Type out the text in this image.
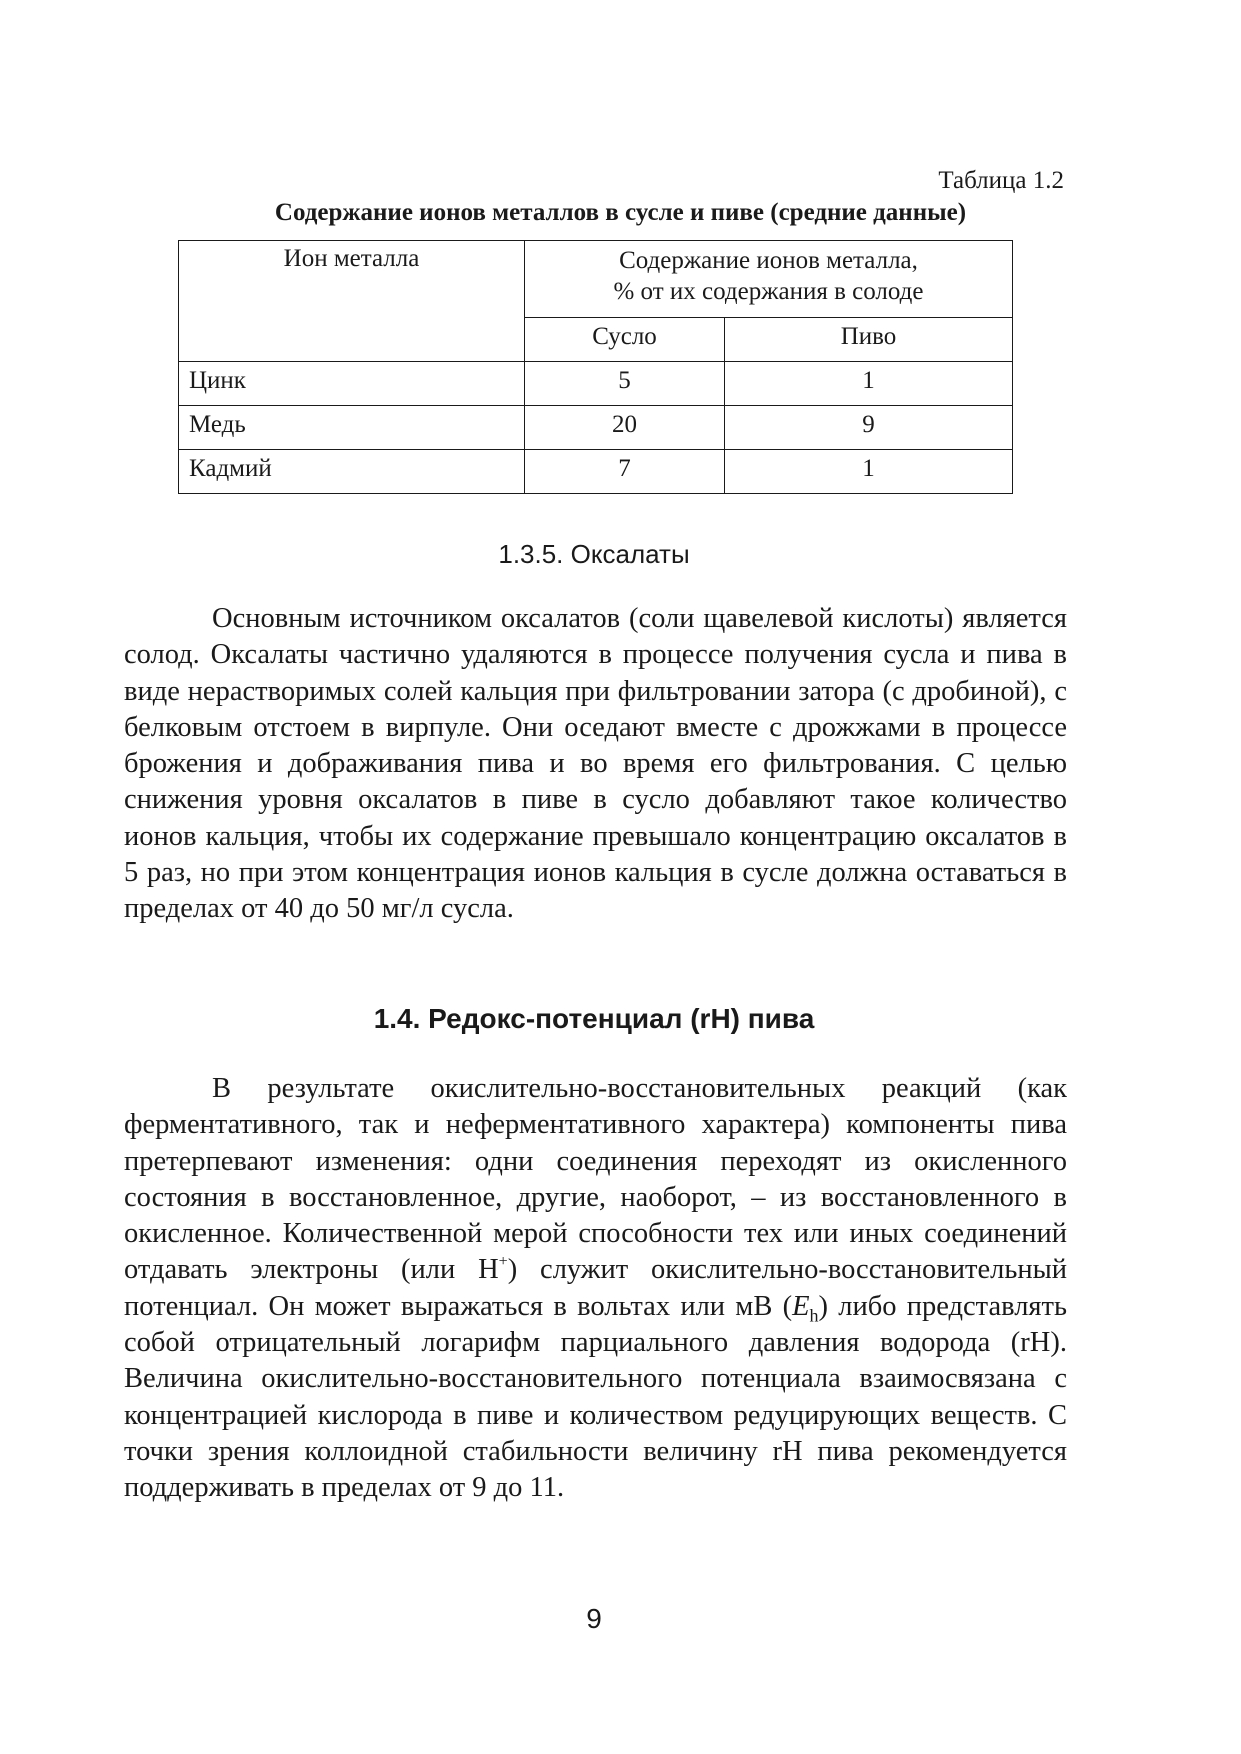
Таблица 1.2
Содержание ионов металлов в сусле и пиве (средние данные)
Ион металла	Содержание ионов металла,
% от их содержания в солоде	

	Сусло	Пиво
Цинк	5	1
Медь	20	9
Кадмий	7	1
1.3.5. Оксалаты

Основным источником оксалатов (соли щавелевой кислоты) является солод. Оксалаты частично удаляются в процессе получения сусла и пива в виде нерастворимых солей кальция при фильтровании затора (с дробиной), с белковым отстоем в вирпуле. Они оседают вместе с дрожжами в процессе брожения и дображивания пива и во время его фильтрования. С целью снижения уровня оксалатов в пиве в сусло добавляют такое количество ионов кальция, чтобы их содержание превышало концентрацию оксалатов в 5 раз, но при этом концентрация ионов кальция в сусле должна оставаться в пределах от 40 до 50 мг/л сусла.

1.4. Редокс-потенциал (rH) пива

В результате окислительно-восстановительных реакций (как ферментативного, так и неферментативного характера) компоненты пива претерпевают изменения: одни соединения переходят из окисленного состояния в восстановленное, другие, наоборот, – из восстановленного в окисленное. Количественной мерой способности тех или иных соединений отдавать электроны (или H+) служит окислительно-восстановительный потенциал. Он может выражаться в вольтах или мВ $(E_h)$ либо представлять собой отрицательный логарифм парциального давления водорода (rH). Величина окислительно-восстановительного потенциала взаимосвязана с концентрацией кислорода в пиве и количеством редуцирующих веществ. С точки зрения коллоидной стабильности величину rH пива рекомендуется поддерживать в пределах от 9 до 11.

9
